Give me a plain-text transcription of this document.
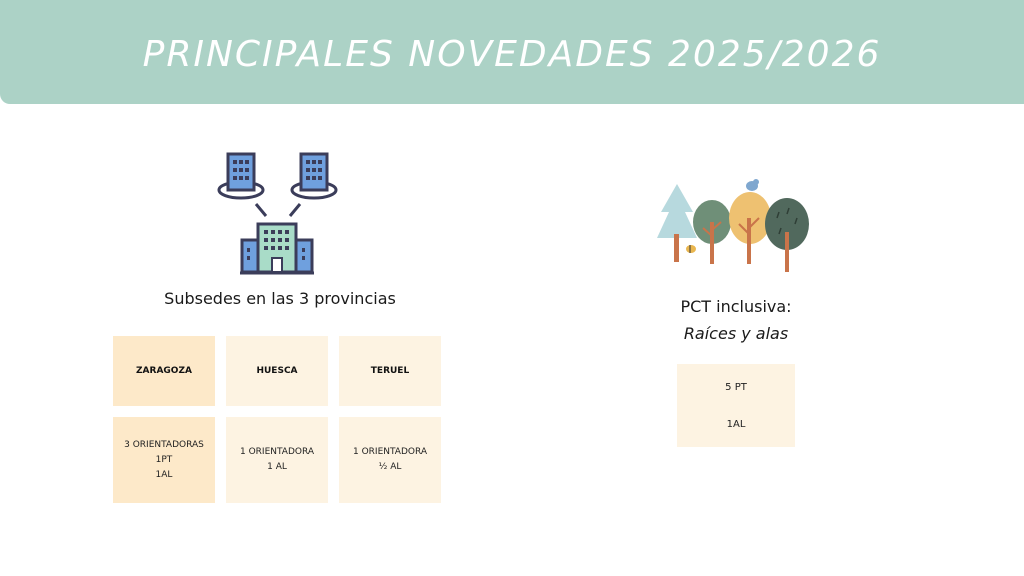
PRINCIPALES NOVEDADES 2025/2026
Subsedes en las 3 provincias
ZARAGOZA	HUESCA	TERUEL
3 ORIENTADORAS
1PT
1AL
1 ORIENTADORA
1 AL
1 ORIENTADORA
½ AL
PCT inclusiva:
Raíces y alas
5 PT
1AL
